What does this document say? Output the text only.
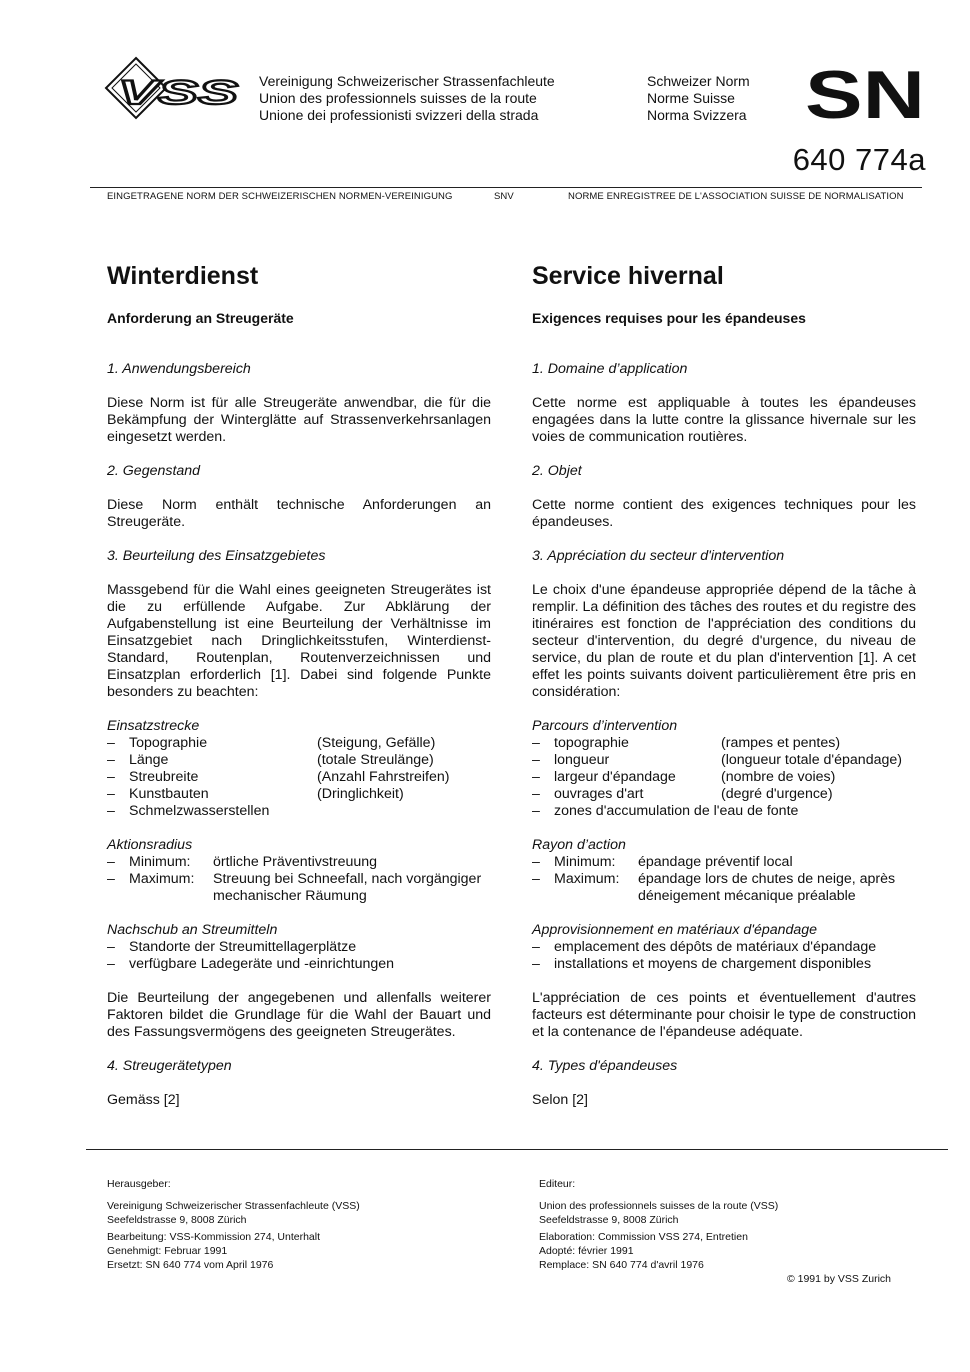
VSS Vereinigung Schweizerischer Strassenfachleute
Union des professionnels suisses de la route
Unione dei professionisti svizzeri della strada
Schweizer Norm
Norme Suisse
Norma Svizzera SN
640 774a
EINGETRAGENE NORM DER SCHWEIZERISCHEN NORMEN-VEREINIGUNG	SNV	NORME ENREGISTREE DE L'ASSOCIATION SUISSE DE NORMALISATION
Winterdienst
Anforderung an Streugeräte
1. Anwendungsbereich
Diese Norm ist für alle Streugeräte anwendbar, die für die Bekämpfung der Winterglätte auf Strassenverkehrsanlagen eingesetzt werden.
2. Gegenstand
Diese Norm enthält technische Anforderungen an Streugeräte.
3. Beurteilung des Einsatzgebietes
Massgebend für die Wahl eines geeigneten Streugerätes ist die zu erfüllende Aufgabe. Zur Abklärung der Aufgabenstellung ist eine Beurteilung der Verhältnisse im Einsatzgebiet nach Dringlichkeitsstufen, Winterdienst-Standard, Routenplan, Routenverzeichnissen und Einsatzplan erforderlich [1]. Dabei sind folgende Punkte besonders zu beachten:
Einsatzstrecke
– Topographie	(Steigung, Gefälle)
– Länge	(totale Streulänge)
– Streubreite	(Anzahl Fahrstreifen)
– Kunstbauten	(Dringlichkeit)
– Schmelzwasserstellen
Aktionsradius
– Minimum:	örtliche Präventivstreuung
– Maximum:	Streuung bei Schneefall, nach vorgängiger mechanischer Räumung
Nachschub an Streumitteln
– Standorte der Streumittellagerplätze
– verfügbare Ladegeräte und -einrichtungen
Die Beurteilung der angegebenen und allenfalls weiterer Faktoren bildet die Grundlage für die Wahl der Bauart und des Fassungsvermögens des geeigneten Streugerätes.
4. Streugerätetypen
Gemäss [2]
Service hivernal
Exigences requises pour les épandeuses
1. Domaine d’application
Cette norme est appliquable à toutes les épandeuses engagées dans la lutte contre la glissance hivernale sur les voies de communication routières.
2. Objet
Cette norme contient des exigences techniques pour les épandeuses.
3. Appréciation du secteur d'intervention
Le choix d'une épandeuse appropriée dépend de la tâche à remplir. La définition des tâches des routes et du registre des itinéraires est fonction de l'appréciation des conditions du secteur d'intervention, du degré d'urgence, du niveau de service, du plan de route et du plan d'intervention [1]. A cet effet les points suivants doivent particulièrement être pris en considération:
Parcours d’intervention
– topographie	(rampes et pentes)
– longueur	(longueur totale d'épandage)
– largeur d'épandage	(nombre de voies)
– ouvrages d'art	(degré d'urgence)
– zones d'accumulation de l'eau de fonte
Rayon d’action
– Minimum:	épandage préventif local
– Maximum:	épandage lors de chutes de neige, après déneigement mécanique préalable
Approvisionnement en matériaux d'épandage
– emplacement des dépôts de matériaux d'épandage
– installations et moyens de chargement disponibles
L'appréciation de ces points et éventuellement d'autres facteurs est déterminante pour choisir le type de construction et la contenance de l'épandeuse adéquate.
4. Types d'épandeuses
Selon [2]
Herausgeber:
Vereinigung Schweizerischer Strassenfachleute (VSS)
Seefeldstrasse 9, 8008 Zürich
Bearbeitung: VSS-Kommission 274, Unterhalt
Genehmigt: Februar 1991
Ersetzt: SN 640 774 vom April 1976
Editeur:
Union des professionnels suisses de la route (VSS)
Seefeldstrasse 9, 8008 Zürich
Elaboration: Commission VSS 274, Entretien
Adopté: février 1991
Remplace: SN 640 774 d'avril 1976
© 1991 by VSS Zurich
